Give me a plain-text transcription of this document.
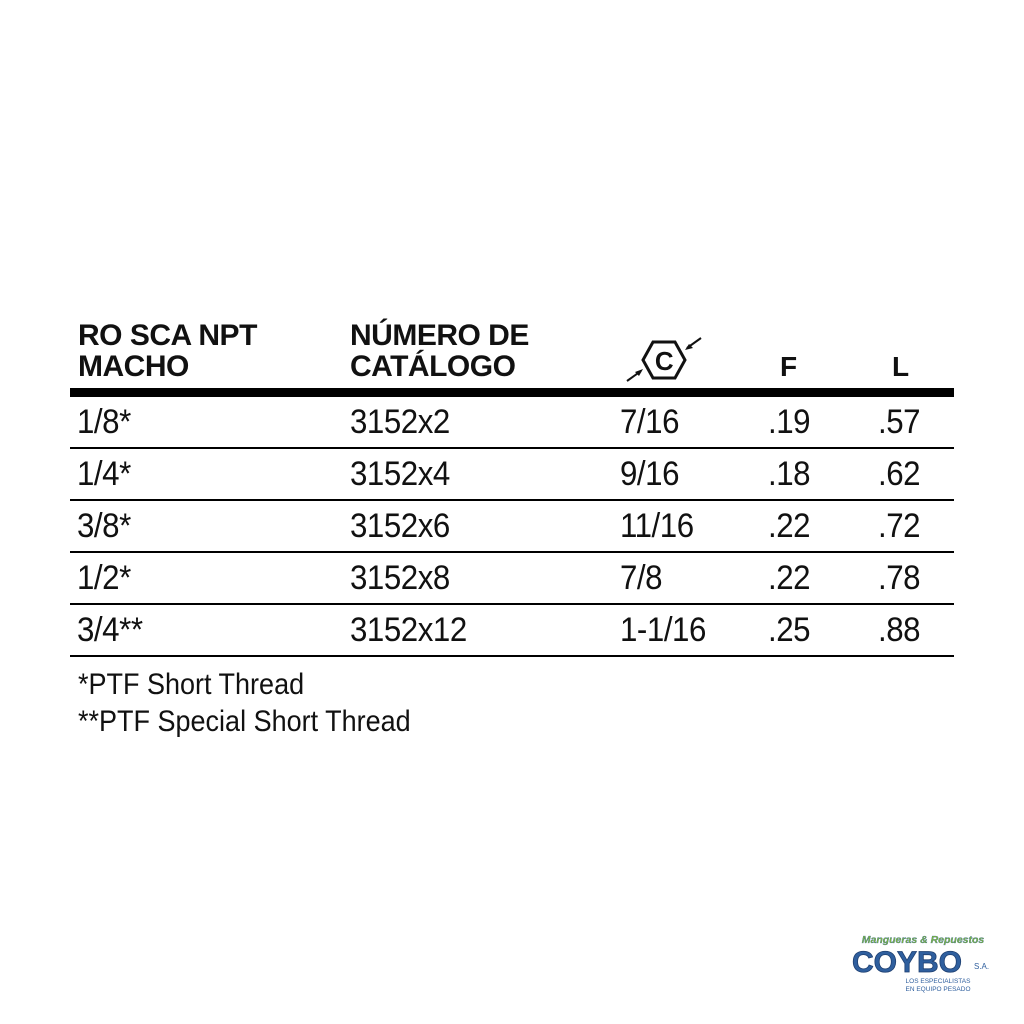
RO SCA NPT
MACHO
NÚMERO DE
CATÁLOGO	C	F	L
1/8*	3152x2	7/16	.19 .57
1/4*	3152x4	9/16	.18 .62
3/8*	3152x6	11/16 .22 .72
1/2*	3152x8	7/8	.22 .78
3/4**	3152x12	1-1/16 .25 .88
*PTF Short Thread
**PTF Special Short Thread
Mangueras & Repuestos
COYBO S.A.
LOS ESPECIALISTAS
EN EQUIPO PESADO
